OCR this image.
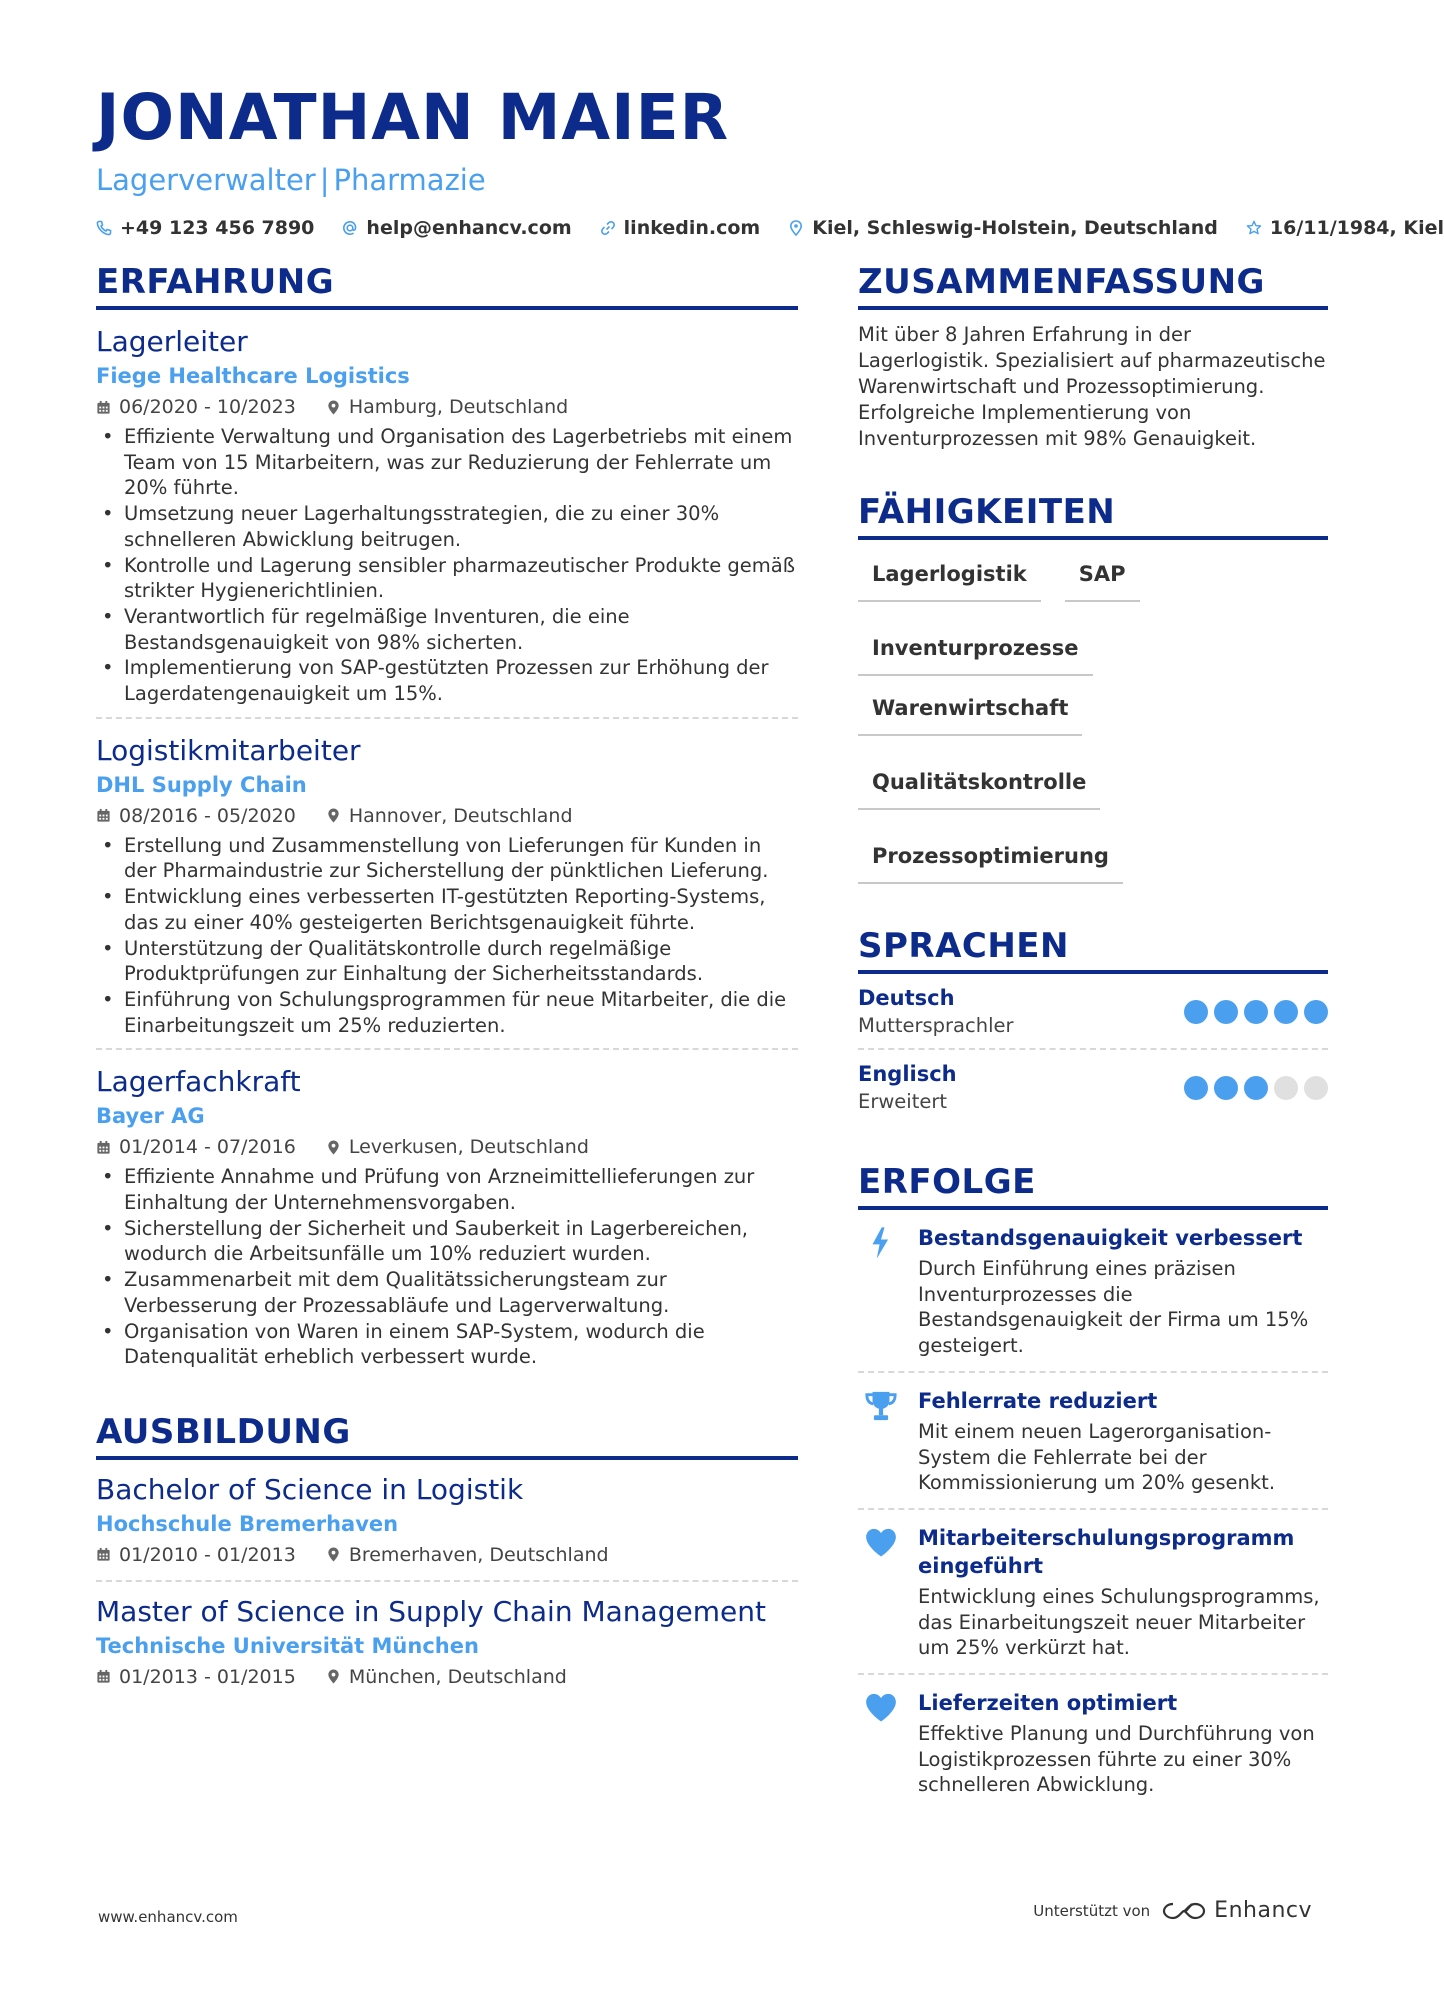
JONATHAN MAIER
Lagerverwalter | Pharmazie
+49 123 456 7890	help@enhancv.com	linkedin.com	Kiel, Schleswig-Holstein, Deutschland	16/11/1984, Kiel
ERFAHRUNG
Lagerleiter
Fiege Healthcare Logistics
06/2020 - 10/2023	Hamburg, Deutschland
• Effiziente Verwaltung und Organisation des Lagerbetriebs mit einem Team von 15 Mitarbeitern, was zur Reduzierung der Fehlerrate um 20% führte.
• Umsetzung neuer Lagerhaltungsstrategien, die zu einer 30% schnelleren Abwicklung beitrugen.
• Kontrolle und Lagerung sensibler pharmazeutischer Produkte gemäß strikter Hygienerichtlinien.
• Verantwortlich für regelmäßige Inventuren, die eine Bestandsgenauigkeit von 98% sicherten.
• Implementierung von SAP-gestützten Prozessen zur Erhöhung der Lagerdatengenauigkeit um 15%.
Logistikmitarbeiter
DHL Supply Chain
08/2016 - 05/2020	Hannover, Deutschland
• Erstellung und Zusammenstellung von Lieferungen für Kunden in der Pharmaindustrie zur Sicherstellung der pünktlichen Lieferung.
• Entwicklung eines verbesserten IT-gestützten Reporting-Systems, das zu einer 40% gesteigerten Berichtsgenauigkeit führte.
• Unterstützung der Qualitätskontrolle durch regelmäßige Produktprüfungen zur Einhaltung der Sicherheitsstandards.
• Einführung von Schulungsprogrammen für neue Mitarbeiter, die die Einarbeitungszeit um 25% reduzierten.
Lagerfachkraft
Bayer AG
01/2014 - 07/2016	Leverkusen, Deutschland
• Effiziente Annahme und Prüfung von Arzneimittellieferungen zur Einhaltung der Unternehmensvorgaben.
• Sicherstellung der Sicherheit und Sauberkeit in Lagerbereichen, wodurch die Arbeitsunfälle um 10% reduziert wurden.
• Zusammenarbeit mit dem Qualitätssicherungsteam zur Verbesserung der Prozessabläufe und Lagerverwaltung.
• Organisation von Waren in einem SAP-System, wodurch die Datenqualität erheblich verbessert wurde.
AUSBILDUNG
Bachelor of Science in Logistik
Hochschule Bremerhaven
01/2010 - 01/2013	Bremerhaven, Deutschland
Master of Science in Supply Chain Management
Technische Universität München
01/2013 - 01/2015	München, Deutschland
ZUSAMMENFASSUNG
Mit über 8 Jahren Erfahrung in der Lagerlogistik. Spezialisiert auf pharmazeutische Warenwirtschaft und Prozessoptimierung. Erfolgreiche Implementierung von Inventurprozessen mit 98% Genauigkeit.
FÄHIGKEITEN
Lagerlogistik	SAP
Inventurprozesse
Warenwirtschaft
Qualitätskontrolle
Prozessoptimierung
SPRACHEN
Deutsch
Muttersprachler
Englisch
Erweitert
ERFOLGE
Bestandsgenauigkeit verbessert
Durch Einführung eines präzisen Inventurprozesses die Bestandsgenauigkeit der Firma um 15% gesteigert.
Fehlerrate reduziert
Mit einem neuen Lagerorganisation-System die Fehlerrate bei der Kommissionierung um 20% gesenkt.
Mitarbeiterschulungsprogramm eingeführt
Entwicklung eines Schulungsprogramms, das Einarbeitungszeit neuer Mitarbeiter um 25% verkürzt hat.
Lieferzeiten optimiert
Effektive Planung und Durchführung von Logistikprozessen führte zu einer 30% schnelleren Abwicklung.
www.enhancv.com	Unterstützt von	Enhancv
